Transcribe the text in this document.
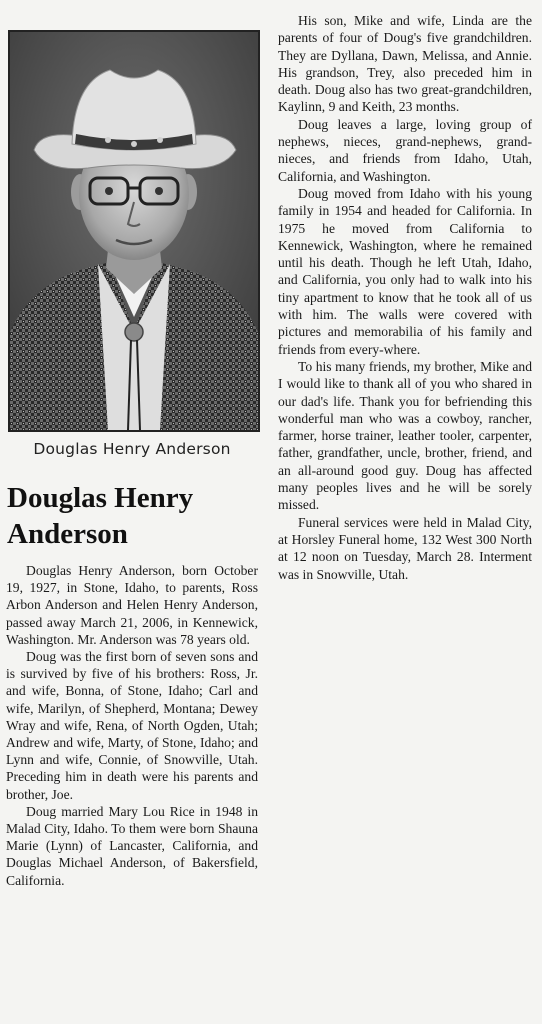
Douglas Henry Anderson
Douglas Henry
Anderson

Douglas Henry Anderson, born October 19, 1927, in Stone, Idaho, to parents, Ross Arbon Anderson and Helen Henry Anderson, passed away March 21, 2006, in Kennewick, Washington. Mr. Anderson was 78 years old.

Doug was the first born of seven sons and is survived by five of his brothers: Ross, Jr. and wife, Bonna, of Stone, Idaho; Carl and wife, Marilyn, of Shepherd, Montana; Dewey Wray and wife, Rena, of North Ogden, Utah; Andrew and wife, Marty, of Stone, Idaho; and Lynn and wife, Connie, of Snowville, Utah. Preceding him in death were his parents and brother, Joe.

Doug married Mary Lou Rice in 1948 in Malad City, Idaho. To them were born Shauna Marie (Lynn) of Lancaster, California, and Douglas Michael Anderson, of Bakersfield, California.

His son, Mike and wife, Linda are the parents of four of Doug's five grandchildren. They are Dyllana, Dawn, Melissa, and Annie. His grandson, Trey, also preceded him in death. Doug also has two great-grandchildren, Kaylinn, 9 and Keith, 23 months.

Doug leaves a large, loving group of nephews, nieces, grand-nephews, grand-nieces, and friends from Idaho, Utah, California, and Washington.

Doug moved from Idaho with his young family in 1954 and headed for California. In 1975 he moved from California to Kennewick, Washington, where he remained until his death. Though he left Utah, Idaho, and California, you only had to walk into his tiny apartment to know that he took all of us with him. The walls were covered with pictures and memorabilia of his family and friends from every-where.

To his many friends, my brother, Mike and I would like to thank all of you who shared in our dad's life. Thank you for befriending this wonderful man who was a cowboy, rancher, farmer, horse trainer, leather tooler, carpenter, father, grandfather, uncle, brother, friend, and an all-around good guy. Doug has affected many peoples lives and he will be sorely missed.

Funeral services were held in Malad City, at Horsley Funeral home, 132 West 300 North at 12 noon on Tuesday, March 28. Interment was in Snowville, Utah.
